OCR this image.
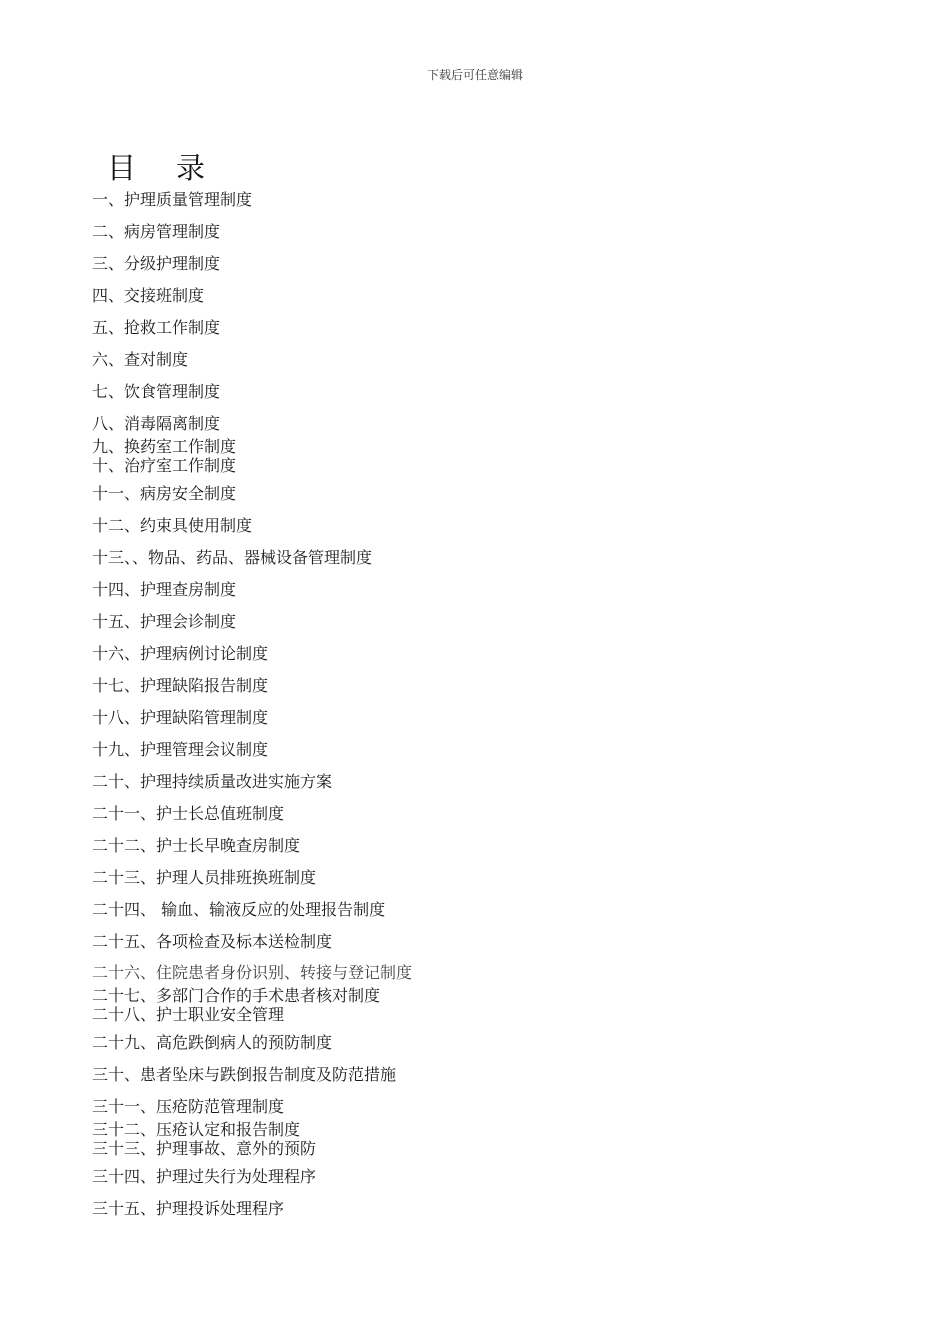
下载后可任意编辑
目录
一、护理质量管理制度
二、病房管理制度
三、分级护理制度
四、交接班制度
五、抢救工作制度
六、查对制度
七、饮食管理制度
八、消毒隔离制度
九、换药室工作制度
十、治疗室工作制度
十一、病房安全制度
十二、约束具使用制度
十三、、物品、药品、器械设备管理制度
十四、护理查房制度
十五、护理会诊制度
十六、护理病例讨论制度
十七、护理缺陷报告制度
十八、护理缺陷管理制度
十九、护理管理会议制度
二十、护理持续质量改进实施方案
二十一、护士长总值班制度
二十二、护士长早晚查房制度
二十三、护理人员排班换班制度
二十四、 输血、输液反应的处理报告制度
二十五、各项检查及标本送检制度
二十六、住院患者身份识别、转接与登记制度
二十七、多部门合作的手术患者核对制度
二十八、护士职业安全管理
二十九、高危跌倒病人的预防制度
三十、患者坠床与跌倒报告制度及防范措施
三十一、压疮防范管理制度
三十二、压疮认定和报告制度
三十三、护理事故、意外的预防
三十四、护理过失行为处理程序
三十五、护理投诉处理程序
